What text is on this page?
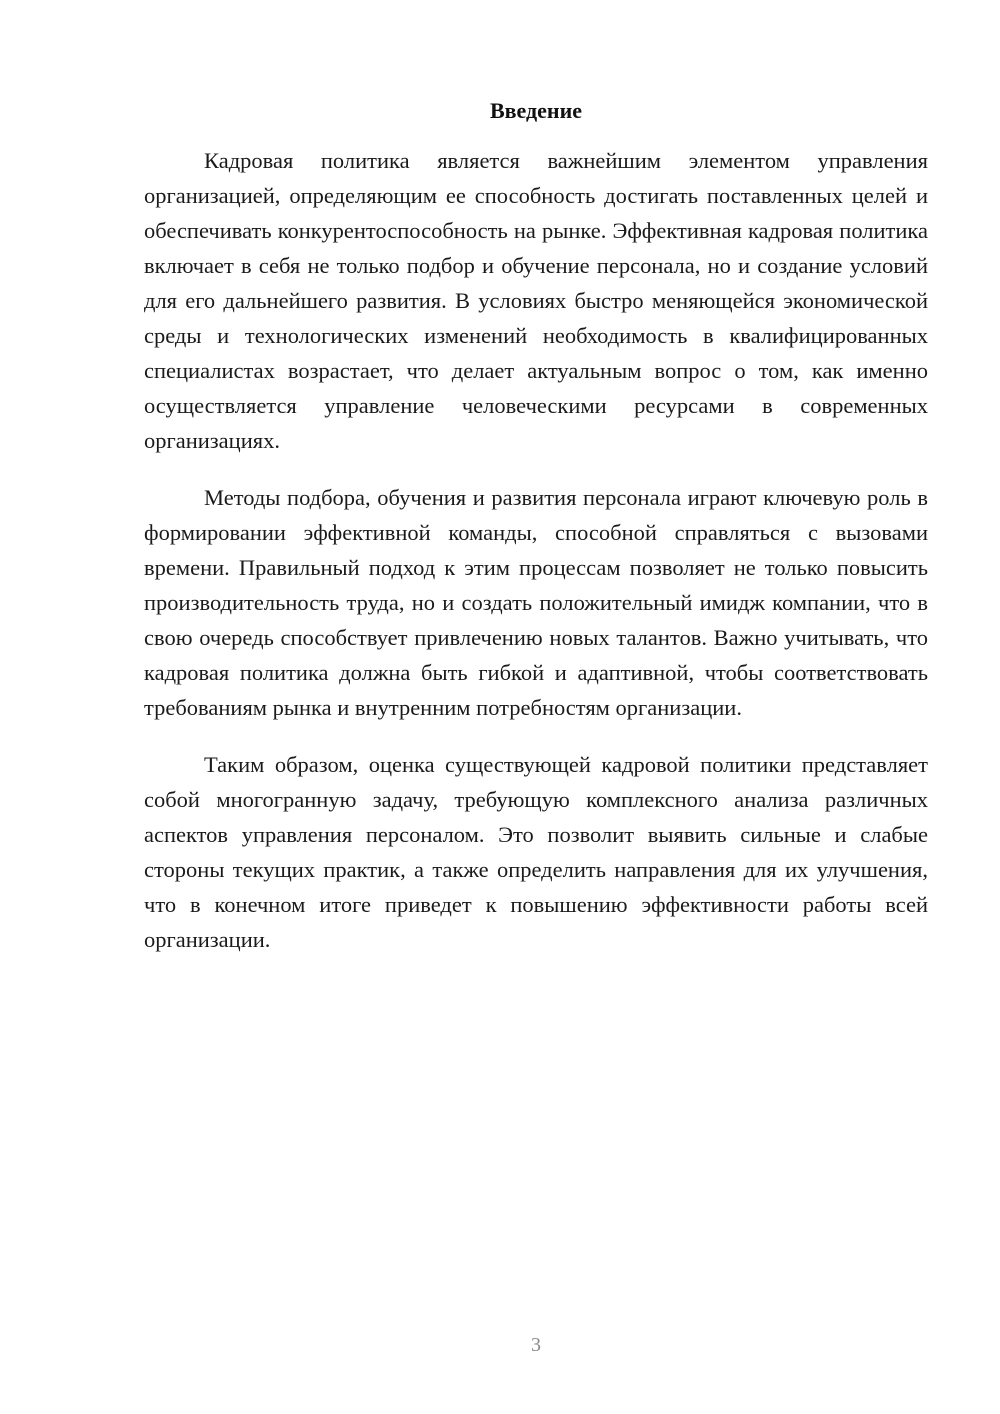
Введение

Кадровая политика является важнейшим элементом управления организацией, определяющим ее способность достигать поставленных целей и обеспечивать конкурентоспособность на рынке. Эффективная кадровая политика включает в себя не только подбор и обучение персонала, но и создание условий для его дальнейшего развития. В условиях быстро меняющейся экономической среды и технологических изменений необходимость в квалифицированных специалистах возрастает, что делает актуальным вопрос о том, как именно осуществляется управление человеческими ресурсами в современных организациях.

Методы подбора, обучения и развития персонала играют ключевую роль в формировании эффективной команды, способной справляться с вызовами времени. Правильный подход к этим процессам позволяет не только повысить производительность труда, но и создать положительный имидж компании, что в свою очередь способствует привлечению новых талантов. Важно учитывать, что кадровая политика должна быть гибкой и адаптивной, чтобы соответствовать требованиям рынка и внутренним потребностям организации.

Таким образом, оценка существующей кадровой политики представляет собой многогранную задачу, требующую комплексного анализа различных аспектов управления персоналом. Это позволит выявить сильные и слабые стороны текущих практик, а также определить направления для их улучшения, что в конечном итоге приведет к повышению эффективности работы всей организации.

3
